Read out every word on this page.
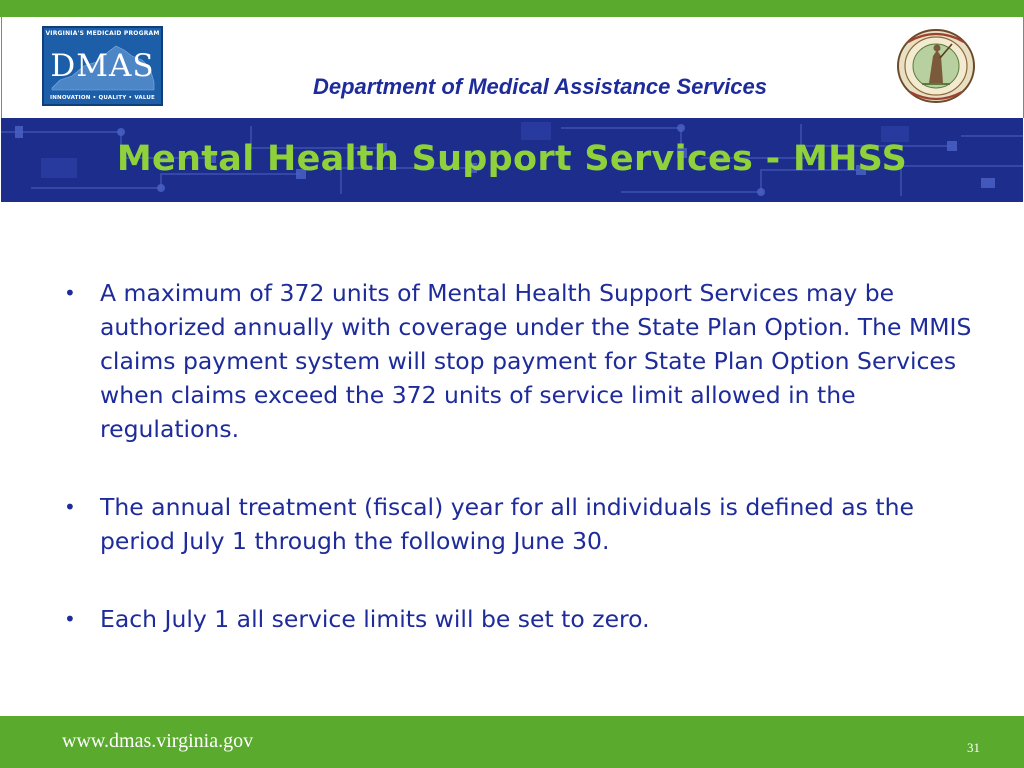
VIRGINIA'S MEDICAID PROGRAM
DMAS
INNOVATION • QUALITY • VALUE	Department of Medical Assistance Services
Mental Health Support Services - MHSS
• A maximum of 372 units of Mental Health Support Services may be authorized annually with coverage under the State Plan Option. The MMIS claims payment system will stop payment for State Plan Option Services when claims exceed the 372 units of service limit allowed in the regulations.
• The annual treatment (fiscal) year for all individuals is defined as the period July 1 through the following June 30.
• Each July 1 all service limits will be set to zero.
www.dmas.virginia.gov	31
